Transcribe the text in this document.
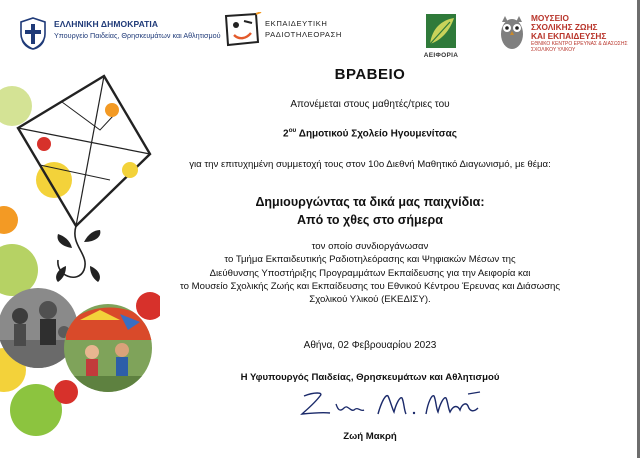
ΕΛΛΗΝΙΚΗ ΔΗΜΟΚΡΑΤΙΑ
Υπουργείο Παιδείας, Θρησκευμάτων και Αθλητισμού
ΕΚΠΑΙΔΕΥΤΙΚΗ
ΡΑΔΙΟΤΗΛΕΟΡΑΣΗ
ΑΕΙΦΟΡΙΑ
ΜΟΥΣΕΙΟ
ΣΧΟΛΙΚΗΣ ΖΩΗΣ
ΚΑΙ ΕΚΠΑΙΔΕΥΣΗΣ
ΕΘΝΙΚΟ ΚΕΝΤΡΟ ΕΡΕΥΝΑΣ & ΔΙΑΣΩΣΗΣ ΣΧΟΛΙΚΟΥ ΥΛΙΚΟΥ
ΒΡΑΒΕΙΟ
Απονέμεται στους μαθητές/τριες του
$2^{o\upsilon}$ Δημοτικού Σχολείο Ηγουμενίτσας
για την επιτυχημένη συμμετοχή τους στον 10ο Διεθνή Μαθητικό Διαγωνισμό, με θέμα:
Δημιουργώντας τα δικά μας παιχνίδια:
Από το χθες στο σήμερα
τον οποίο συνδιοργάνωσαν
το Τμήμα Εκπαιδευτικής Ραδιοτηλεόρασης και Ψηφιακών Μέσων της
Διεύθυνσης Υποστήριξης Προγραμμάτων Εκπαίδευσης για την Αειφορία και
το Μουσείο Σχολικής Ζωής και Εκπαίδευσης του Εθνικού Κέντρου Έρευνας και Διάσωσης
Σχολικού Υλικού (ΕΚΕΔΙΣΥ).
Αθήνα, 02 Φεβρουαρίου 2023
Η Υφυπουργός Παιδείας, Θρησκευμάτων και Αθλητισμού
Ζωή Μακρή
